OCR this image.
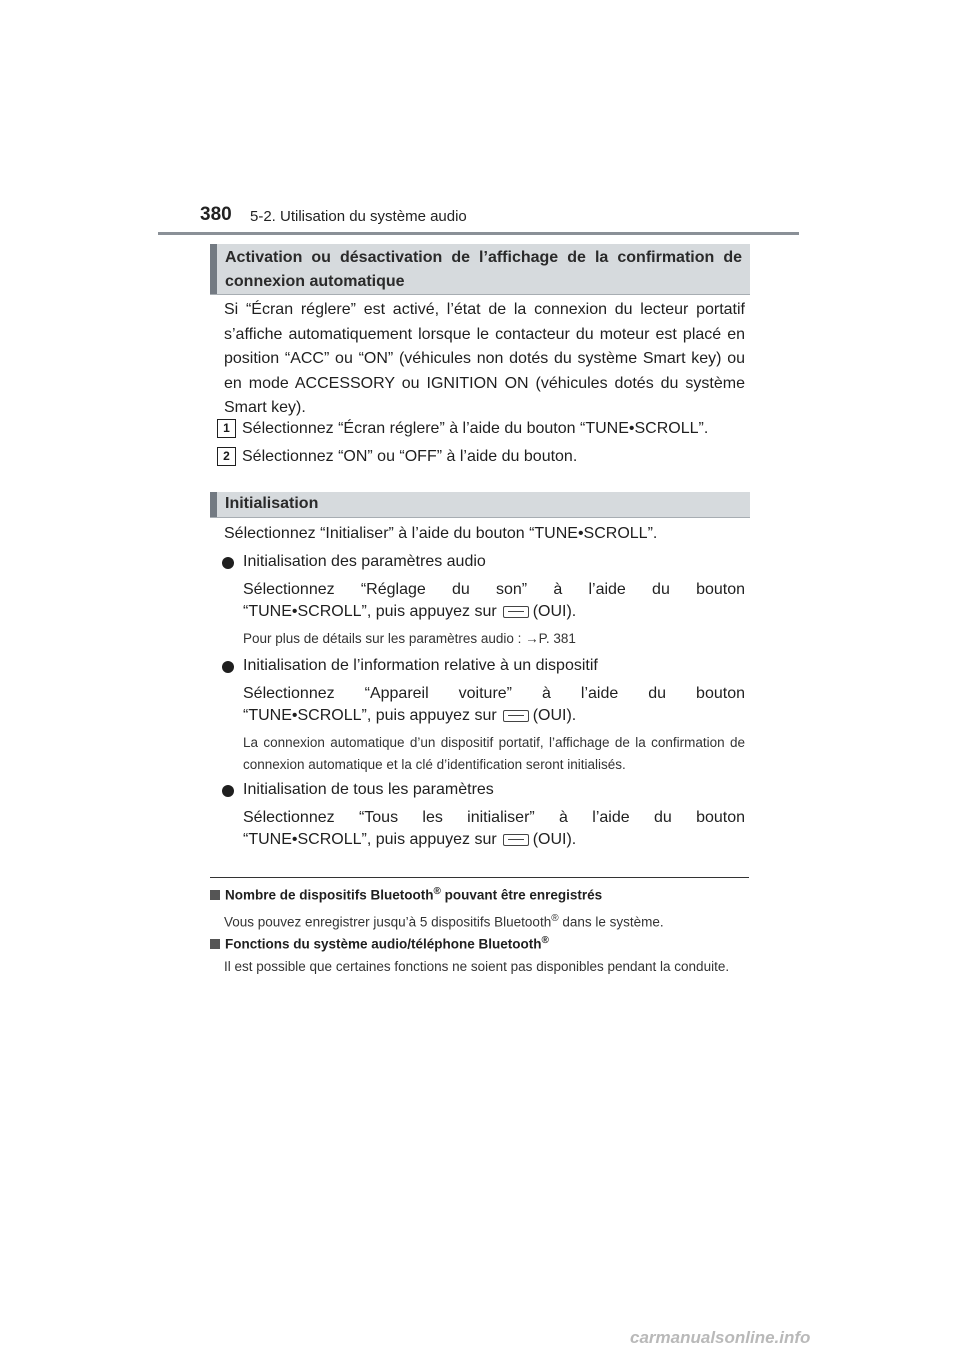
380 5-2. Utilisation du système audio
Activation ou désactivation de l’affichage de la confirmation de connexion automatique
Si “Écran réglere” est activé, l’état de la connexion du lecteur portatif s’affiche automatiquement lorsque le contacteur du moteur est placé en position “ACC” ou “ON” (véhicules non dotés du système Smart key) ou en mode ACCESSORY ou IGNITION ON (véhicules dotés du système Smart key).
1 Sélectionnez “Écran réglere” à l’aide du bouton “TUNE•SCROLL”.
2 Sélectionnez “ON” ou “OFF” à l’aide du bouton.
Initialisation
Sélectionnez “Initialiser” à l’aide du bouton “TUNE•SCROLL”.
Initialisation des paramètres audio
Sélectionnez “Réglage du son” à l’aide du bouton
“TUNE•SCROLL”, puis appuyez sur (OUI).
Pour plus de détails sur les paramètres audio : →P. 381
Initialisation de l’information relative à un dispositif
Sélectionnez “Appareil voiture” à l’aide du bouton
“TUNE•SCROLL”, puis appuyez sur (OUI).
La connexion automatique d’un dispositif portatif, l’affichage de la confirmation de connexion automatique et la clé d’identification seront initialisés.
Initialisation de tous les paramètres
Sélectionnez “Tous les initialiser” à l’aide du bouton
“TUNE•SCROLL”, puis appuyez sur (OUI).
Nombre de dispositifs Bluetooth® pouvant être enregistrés
Vous pouvez enregistrer jusqu’à 5 dispositifs Bluetooth® dans le système.
Fonctions du système audio/téléphone Bluetooth®
Il est possible que certaines fonctions ne soient pas disponibles pendant la conduite.
carmanualsonline.info
